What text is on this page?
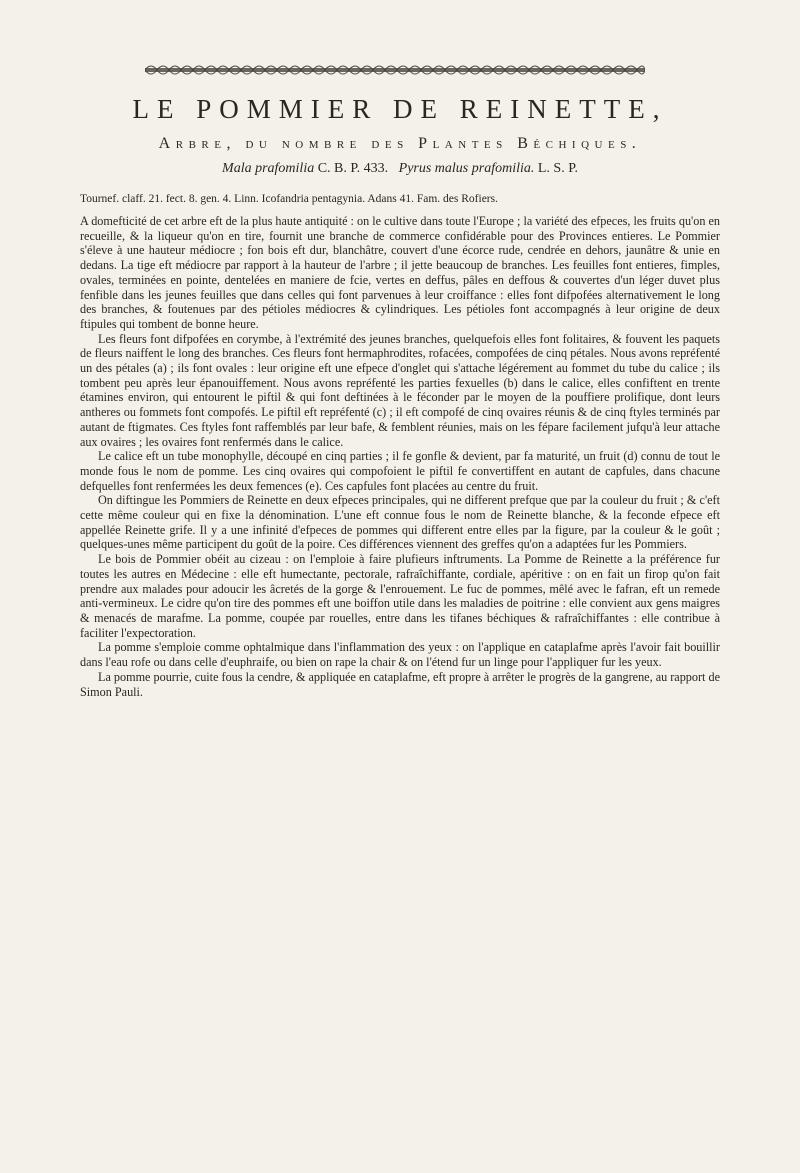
LE POMMIER DE REINETTE,
Arbre, du nombre des Plantes Béchiques.
Mala prafomilia C. B. P. 433. Pyrus malus prafomilia. L. S. P.
Tournef. claff. 21. fect. 8. gen. 4. Linn. Icofandria pentagynia. Adans 41. Fam. des Rofiers.

A domefticité de cet arbre eft de la plus haute antiquité : on le cultive dans toute l'Europe ; la variété des efpeces, les fruits qu'on en recueille, & la liqueur qu'on en tire, fournit une branche de commerce confidérable pour des Provinces entieres. Le Pommier s'éleve à une hauteur médiocre ; fon bois eft dur, blanchâtre, couvert d'une écorce rude, cendrée en dehors, jaunâtre & unie en dedans. La tige eft médiocre par rapport à la hauteur de l'arbre ; il jette beaucoup de branches. Les feuilles font entieres, fimples, ovales, terminées en pointe, dentelées en maniere de fcie, vertes en deffus, pâles en deffous & couvertes d'un léger duvet plus fenfible dans les jeunes feuilles que dans celles qui font parvenues à leur croiffance : elles font difpofées alternativement le long des branches, & foutenues par des pétioles médiocres & cylindriques. Les pétioles font accompagnés à leur origine de deux ftipules qui tombent de bonne heure.

Les fleurs font difpofées en corymbe, à l'extrémité des jeunes branches, quelquefois elles font folitaires, & fouvent les paquets de fleurs naiffent le long des branches. Ces fleurs font hermaphrodites, rofacées, compofées de cinq pétales. Nous avons repréfenté un des pétales (a) ; ils font ovales : leur origine eft une efpece d'onglet qui s'attache légérement au fommet du tube du calice ; ils tombent peu après leur épanouiffement. Nous avons repréfenté les parties fexuelles (b) dans le calice, elles confiftent en trente étamines environ, qui entourent le piftil & qui font deftinées à le féconder par le moyen de la pouffiere prolifique, dont leurs antheres ou fommets font compofés. Le piftil eft repréfenté (c) ; il eft compofé de cinq ovaires réunis & de cinq ftyles terminés par autant de ftigmates. Ces ftyles font raffemblés par leur bafe, & femblent réunies, mais on les fépare facilement jufqu'à leur attache aux ovaires ; les ovaires font renfermés dans le calice.

Le calice eft un tube monophylle, découpé en cinq parties ; il fe gonfle & devient, par fa maturité, un fruit (d) connu de tout le monde fous le nom de pomme. Les cinq ovaires qui compofoient le piftil fe convertiffent en autant de capfules, dans chacune defquelles font renfermées les deux femences (e). Ces capfules font placées au centre du fruit.

On diftingue les Pommiers de Reinette en deux efpeces principales, qui ne different prefque que par la couleur du fruit ; & c'eft cette même couleur qui en fixe la dénomination. L'une eft connue fous le nom de Reinette blanche, & la feconde efpece eft appellée Reinette grife. Il y a une infinité d'efpeces de pommes qui different entre elles par la figure, par la couleur & le goût ; quelques-unes même participent du goût de la poire. Ces différences viennent des greffes qu'on a adaptées fur les Pommiers.

Le bois de Pommier obéit au cizeau : on l'emploie à faire plufieurs inftruments. La Pomme de Reinette a la préférence fur toutes les autres en Médecine : elle eft humectante, pectorale, rafraîchiffante, cordiale, apéritive : on en fait un firop qu'on fait prendre aux malades pour adoucir les âcretés de la gorge & l'enrouement. Le fuc de pommes, mêlé avec le fafran, eft un remede anti-vermineux. Le cidre qu'on tire des pommes eft une boiffon utile dans les maladies de poitrine : elle convient aux gens maigres & menacés de marafme. La pomme, coupée par rouelles, entre dans les tifanes béchiques & rafraîchiffantes : elle contribue à faciliter l'expectoration.

La pomme s'emploie comme ophtalmique dans l'inflammation des yeux : on l'applique en cataplafme après l'avoir fait bouillir dans l'eau rofe ou dans celle d'euphraife, ou bien on rape la chair & on l'étend fur un linge pour l'appliquer fur les yeux.

La pomme pourrie, cuite fous la cendre, & appliquée en cataplafme, eft propre à arrêter le progrès de la gangrene, au rapport de Simon Pauli.
